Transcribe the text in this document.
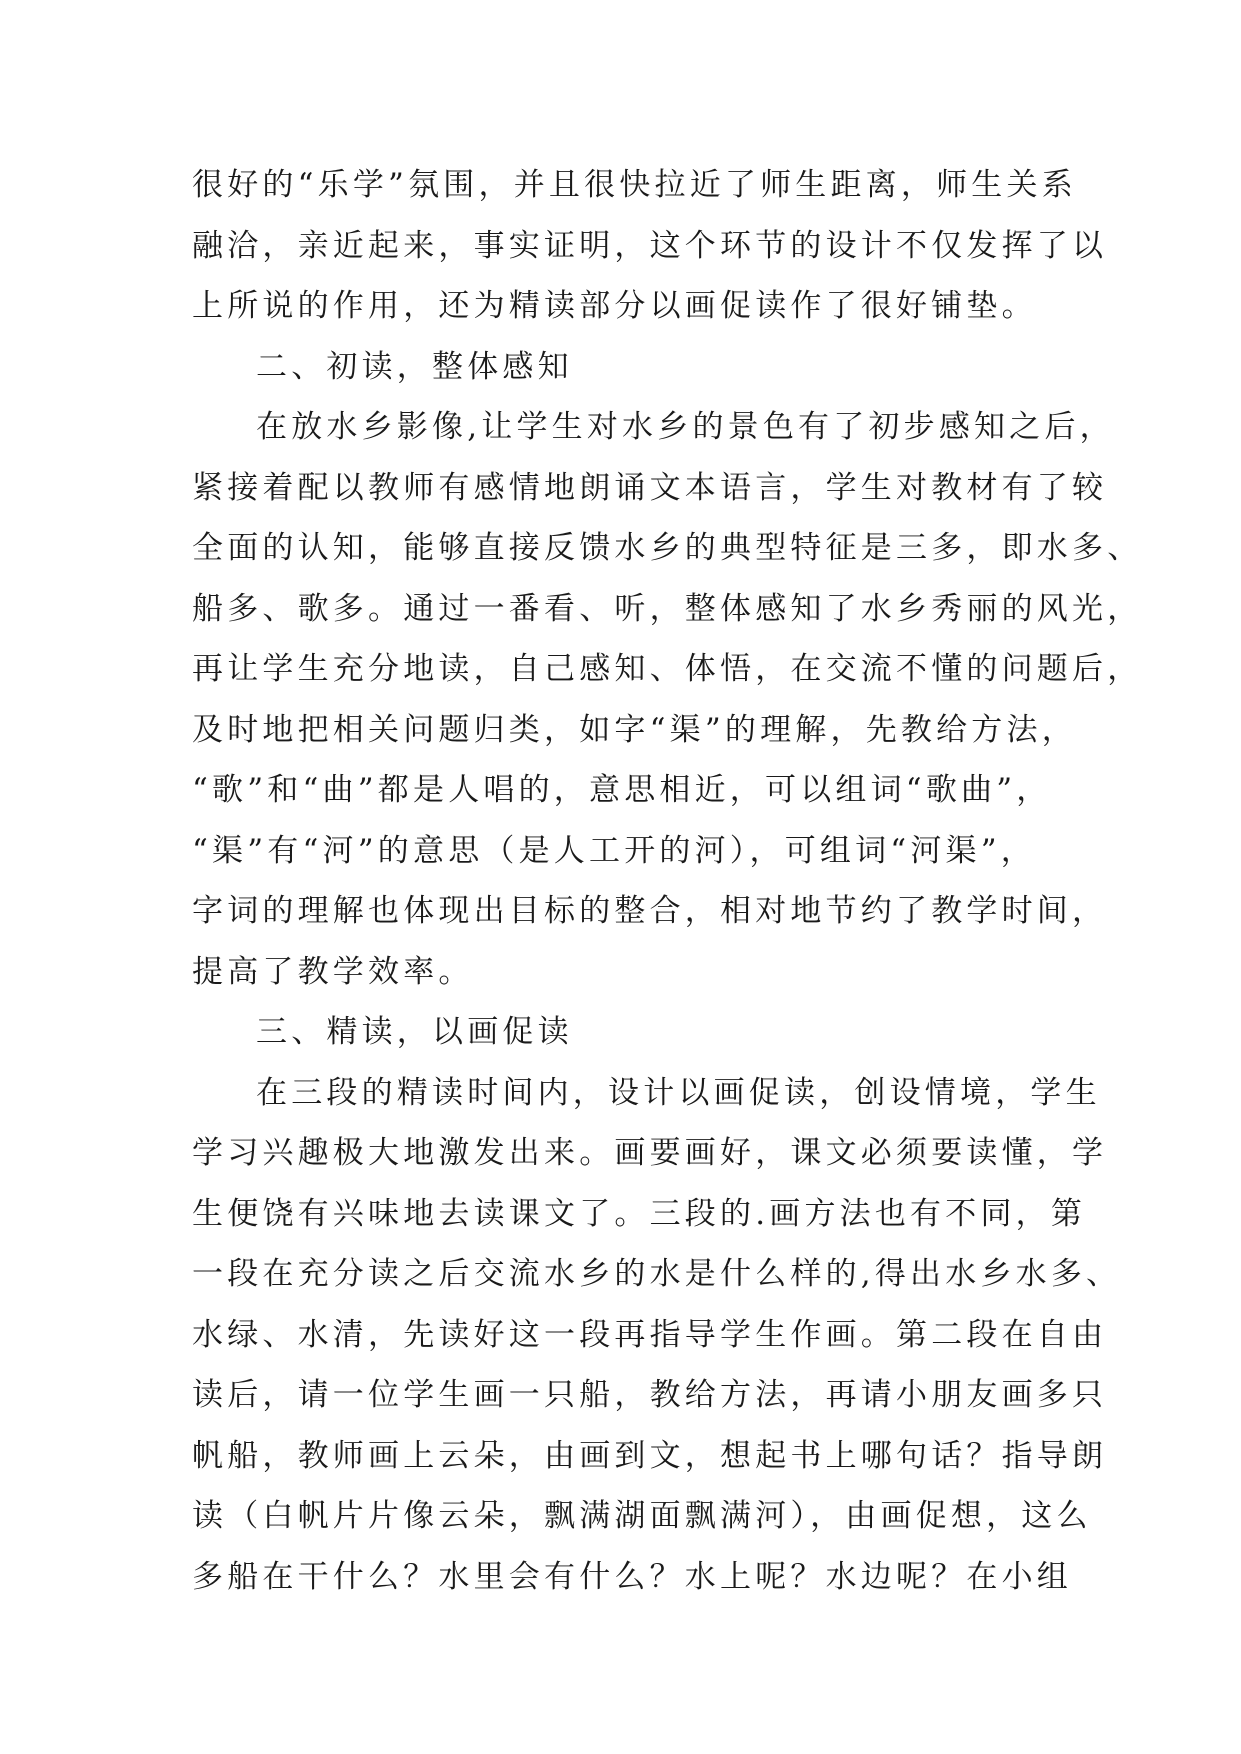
很好的“乐学”氛围，并且很快拉近了师生距离，师生关系
融洽，亲近起来，事实证明，这个环节的设计不仅发挥了以
上所说的作用，还为精读部分以画促读作了很好铺垫。
二、初读，整体感知
在放水乡影像,让学生对水乡的景色有了初步感知之后，
紧接着配以教师有感情地朗诵文本语言，学生对教材有了较
全面的认知，能够直接反馈水乡的典型特征是三多，即水多、
船多、歌多。通过一番看、听，整体感知了水乡秀丽的风光，
再让学生充分地读，自己感知、体悟，在交流不懂的问题后，
及时地把相关问题归类，如字“渠”的理解，先教给方法，
“歌”和“曲”都是人唱的，意思相近，可以组词“歌曲”，
“渠”有“河”的意思（是人工开的河），可组词“河渠”，
字词的理解也体现出目标的整合，相对地节约了教学时间，
提高了教学效率。
三、精读，以画促读
在三段的精读时间内，设计以画促读，创设情境，学生
学习兴趣极大地激发出来。画要画好，课文必须要读懂，学
生便饶有兴味地去读课文了。三段的.画方法也有不同，第
一段在充分读之后交流水乡的水是什么样的,得出水乡水多、
水绿、水清，先读好这一段再指导学生作画。第二段在自由
读后，请一位学生画一只船，教给方法，再请小朋友画多只
帆船，教师画上云朵，由画到文，想起书上哪句话？指导朗
读（白帆片片像云朵，飘满湖面飘满河），由画促想，这么
多船在干什么？水里会有什么？水上呢？水边呢？在小组
